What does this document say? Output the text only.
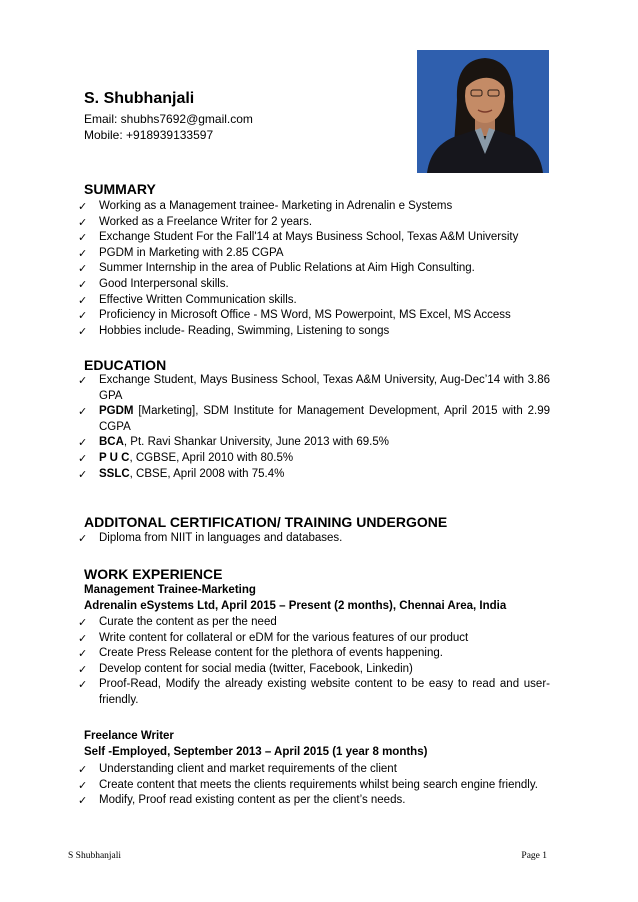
S. Shubhanjali
Email: shubhs7692@gmail.com
Mobile: +918939133597
SUMMARY
✓ Working as a Management trainee- Marketing in Adrenalin e Systems
✓ Worked as a Freelance Writer for 2 years.
✓ Exchange Student For the Fall'14 at Mays Business School, Texas A&M University
✓ PGDM in Marketing with 2.85 CGPA
✓ Summer Internship in the area of Public Relations at Aim High Consulting.
✓ Good Interpersonal skills.
✓ Effective Written Communication skills.
✓ Proficiency in Microsoft Office - MS Word, MS Powerpoint, MS Excel, MS Access
✓ Hobbies include- Reading, Swimming, Listening to songs
EDUCATION
✓ Exchange Student, Mays Business School, Texas A&M University, Aug-Dec’14 with 3.86 GPA
✓ PGDM [Marketing], SDM Institute for Management Development, April 2015 with 2.99 CGPA
✓ BCA, Pt. Ravi Shankar University, June 2013 with 69.5%
✓ P U C, CGBSE, April 2010 with 80.5%
✓ SSLC, CBSE, April 2008 with 75.4%
ADDITONAL CERTIFICATION/ TRAINING UNDERGONE
✓ Diploma from NIIT in languages and databases.
WORK EXPERIENCE
Management Trainee-Marketing
Adrenalin eSystems Ltd, April 2015 – Present (2 months), Chennai Area, India
✓ Curate the content as per the need
✓ Write content for collateral or eDM for the various features of our product
✓ Create Press Release content for the plethora of events happening.
✓ Develop content for social media (twitter, Facebook, Linkedin)
✓ Proof-Read, Modify the already existing website content to be easy to read and user-friendly.
Freelance Writer
Self -Employed, September 2013 – April 2015 (1 year 8 months)
✓ Understanding client and market requirements of the client
✓ Create content that meets the clients requirements whilst being search engine friendly.
✓ Modify, Proof read existing content as per the client’s needs.
S Shubhanjali	Page 1
